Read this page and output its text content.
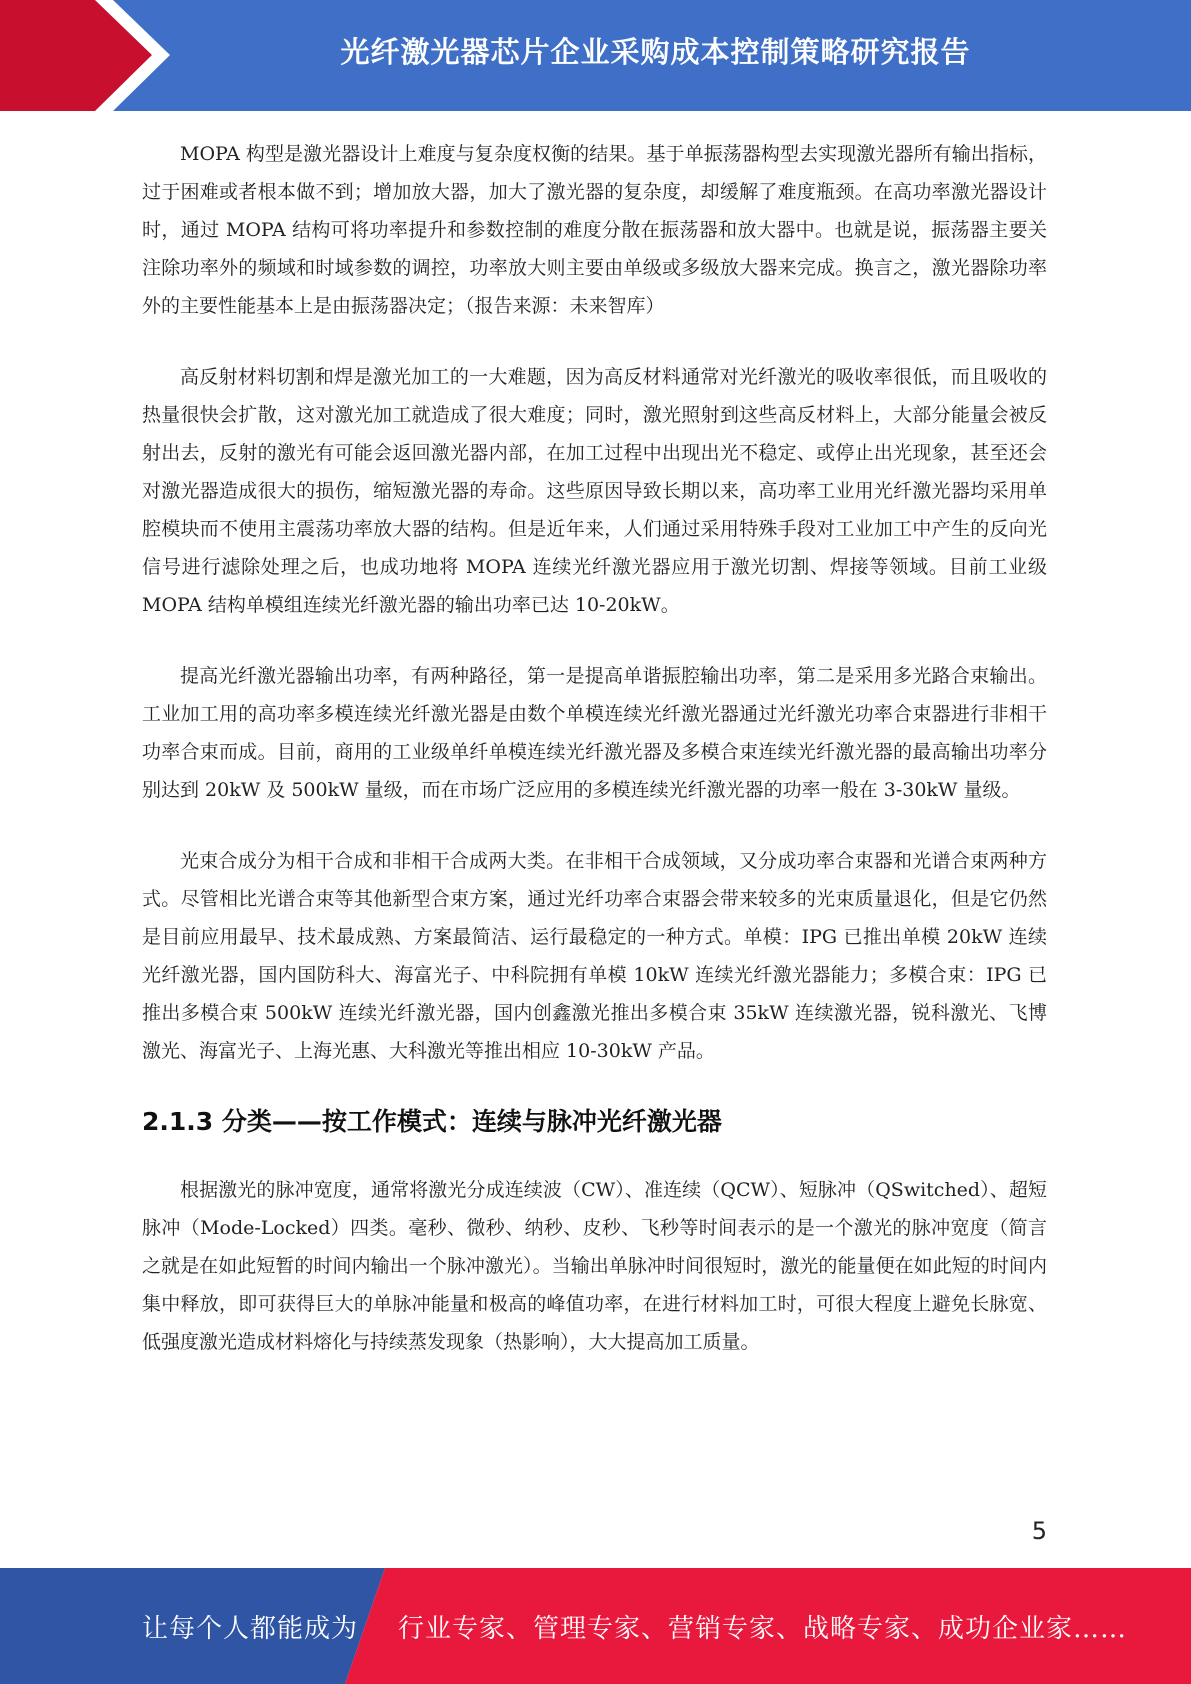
光纤激光器芯片企业采购成本控制策略研究报告

MOPA 构型是激光器设计上难度与复杂度权衡的结果。基于单振荡器构型去实现激光器所有输出指标，过于困难或者根本做不到；增加放大器，加大了激光器的复杂度，却缓解了难度瓶颈。在高功率激光器设计时，通过 MOPA 结构可将功率提升和参数控制的难度分散在振荡器和放大器中。也就是说，振荡器主要关注除功率外的频域和时域参数的调控，功率放大则主要由单级或多级放大器来完成。换言之，激光器除功率外的主要性能基本上是由振荡器决定；（报告来源：未来智库）

高反射材料切割和焊是激光加工的一大难题，因为高反材料通常对光纤激光的吸收率很低，而且吸收的热量很快会扩散，这对激光加工就造成了很大难度；同时，激光照射到这些高反材料上，大部分能量会被反射出去，反射的激光有可能会返回激光器内部，在加工过程中出现出光不稳定、或停止出光现象，甚至还会对激光器造成很大的损伤，缩短激光器的寿命。这些原因导致长期以来，高功率工业用光纤激光器均采用单腔模块而不使用主震荡功率放大器的结构。但是近年来，人们通过采用特殊手段对工业加工中产生的反向光信号进行滤除处理之后，也成功地将 MOPA 连续光纤激光器应用于激光切割、焊接等领域。目前工业级 MOPA 结构单模组连续光纤激光器的输出功率已达 10-20kW。

提高光纤激光器输出功率，有两种路径，第一是提高单谐振腔输出功率，第二是采用多光路合束输出。工业加工用的高功率多模连续光纤激光器是由数个单模连续光纤激光器通过光纤激光功率合束器进行非相干功率合束而成。目前，商用的工业级单纤单模连续光纤激光器及多模合束连续光纤激光器的最高输出功率分别达到 20kW 及 500kW 量级，而在市场广泛应用的多模连续光纤激光器的功率一般在 3-30kW 量级。

光束合成分为相干合成和非相干合成两大类。在非相干合成领域，又分成功率合束器和光谱合束两种方式。尽管相比光谱合束等其他新型合束方案，通过光纤功率合束器会带来较多的光束质量退化，但是它仍然是目前应用最早、技术最成熟、方案最简洁、运行最稳定的一种方式。单模：IPG 已推出单模 20kW 连续光纤激光器，国内国防科大、海富光子、中科院拥有单模 10kW 连续光纤激光器能力；多模合束：IPG 已推出多模合束 500kW 连续光纤激光器，国内创鑫激光推出多模合束 35kW 连续激光器，锐科激光、飞博激光、海富光子、上海光惠、大科激光等推出相应 10-30kW 产品。

2.1.3 分类——按工作模式：连续与脉冲光纤激光器

根据激光的脉冲宽度，通常将激光分成连续波（CW）、准连续（QCW）、短脉冲（QSwitched）、超短脉冲（Mode-Locked）四类。毫秒、微秒、纳秒、皮秒、飞秒等时间表示的是一个激光的脉冲宽度（简言之就是在如此短暂的时间内输出一个脉冲激光）。当输出单脉冲时间很短时，激光的能量便在如此短的时间内集中释放，即可获得巨大的单脉冲能量和极高的峰值功率，在进行材料加工时，可很大程度上避免长脉宽、低强度激光造成材料熔化与持续蒸发现象（热影响），大大提高加工质量。

5
让每个人都能成为 行业专家、管理专家、营销专家、战略专家、成功企业家……
